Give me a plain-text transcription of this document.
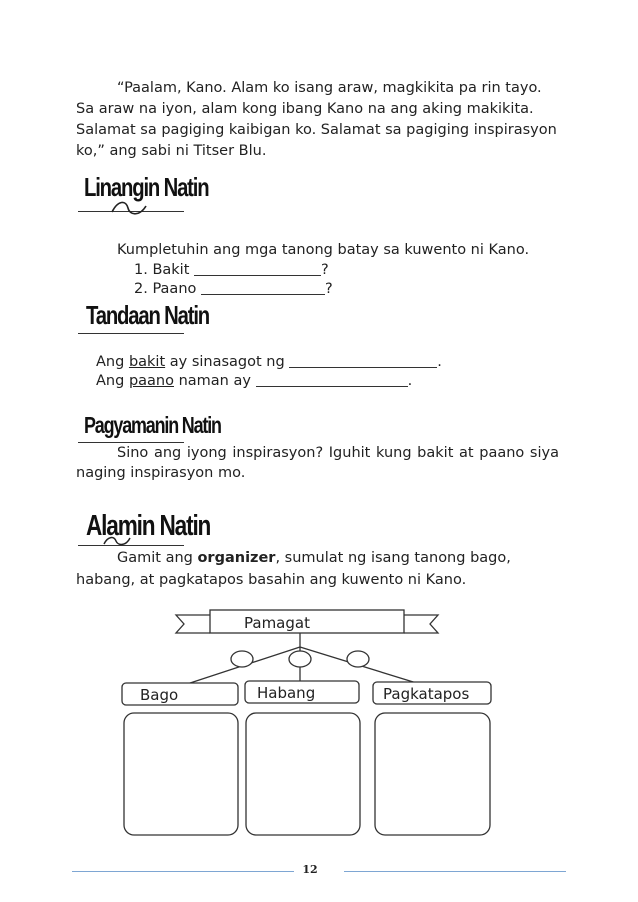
“Paalam, Kano. Alam ko isang araw, magkikita pa rin tayo.
Sa araw na iyon, alam kong ibang Kano na ang aking makikita.
Salamat sa pagiging kaibigan ko. Salamat sa pagiging inspirasyon
ko,” ang sabi ni Titser Blu.
Linangin Natin
Kumpletuhin ang mga tanong batay sa kuwento ni Kano.
1. Bakit	?
2. Paano	?
Tandaan Natin
Ang bakit ay sinasagot ng	.
Ang paano naman ay	.
Pagyamanin Natin
Sino ang iyong inspirasyon? Iguhit kung bakit at paano siya
naging inspirasyon mo.
Alamin Natin
Gamit ang organizer, sumulat ng isang tanong bago,
habang, at pagkatapos basahin ang kuwento ni Kano.
Pamagat
Bago	Habang	Pagkatapos
12
